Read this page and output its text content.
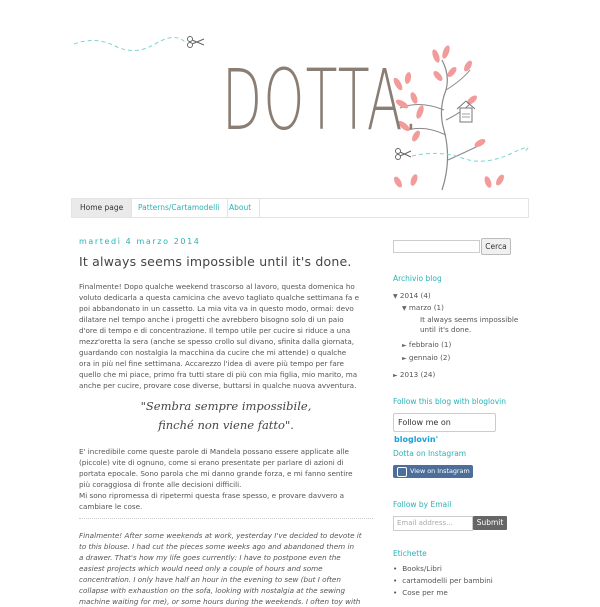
DOTTA.
Home page	Patterns/Cartamodelli	About
martedì 4 marzo 2014
It always seems impossible until it's done.
Finalmente! Dopo qualche weekend trascorso al lavoro, questa domenica ho
voluto dedicarla a questa camicina che avevo tagliato qualche settimana fa e
poi abbandonato in un cassetto. La mia vita va in questo modo, ormai: devo
dilatare nel tempo anche i progetti che avrebbero bisogno solo di un paio
d'ore di tempo e di concentrazione. Il tempo utile per cucire si riduce a una
mezz'oretta la sera (anche se spesso crollo sul divano, sfinita dalla giornata,
guardando con nostalgia la macchina da cucire che mi attende) o qualche
ora in più nel fine settimana. Accarezzo l'idea di avere più tempo per fare
quello che mi piace, primo fra tutti stare di più con mia figlia, mio marito, ma
anche per cucire, provare cose diverse, buttarsi in qualche nuova avventura.
"Sembra sempre impossibile,
finché non viene fatto".
E' incredibile come queste parole di Mandela possano essere applicate alle
(piccole) vite di ognuno, come si erano presentate per parlare di azioni di
portata epocale. Sono parola che mi danno grande forza, e mi fanno sentire
più coraggiosa di fronte alle decisioni difficili.
Mi sono ripromessa di ripetermi questa frase spesso, e provare davvero a
cambiare le cose.
Finalmente! After some weekends at work, yesterday I've decided to devote it
to this blouse. I had cut the pieces some weeks ago and abandoned them in
a drawer. That's how my life goes currently: I have to postpone even the
easiest projects which would need only a couple of hours and some
concentration. I only have half an hour in the evening to sew (but I often
collapse with exhaustion on the sofa, looking with nostalgia at the sewing
machine waiting for me), or some hours during the weekends. I often toy with
Cerca
Archivio blog
▼ 2014 (4)
▼ marzo (1)
It always seems impossible
until it's done.
► febbraio (1)
► gennaio (2)
► 2013 (24)
Follow this blog with bloglovin
Follow me on bloglovin'
Dotta on Instagram
View on Instagram
Follow by Email
Email address...	Submit
Etichette
• Books/Libri
• cartamodelli per bambini
• Cose per me
